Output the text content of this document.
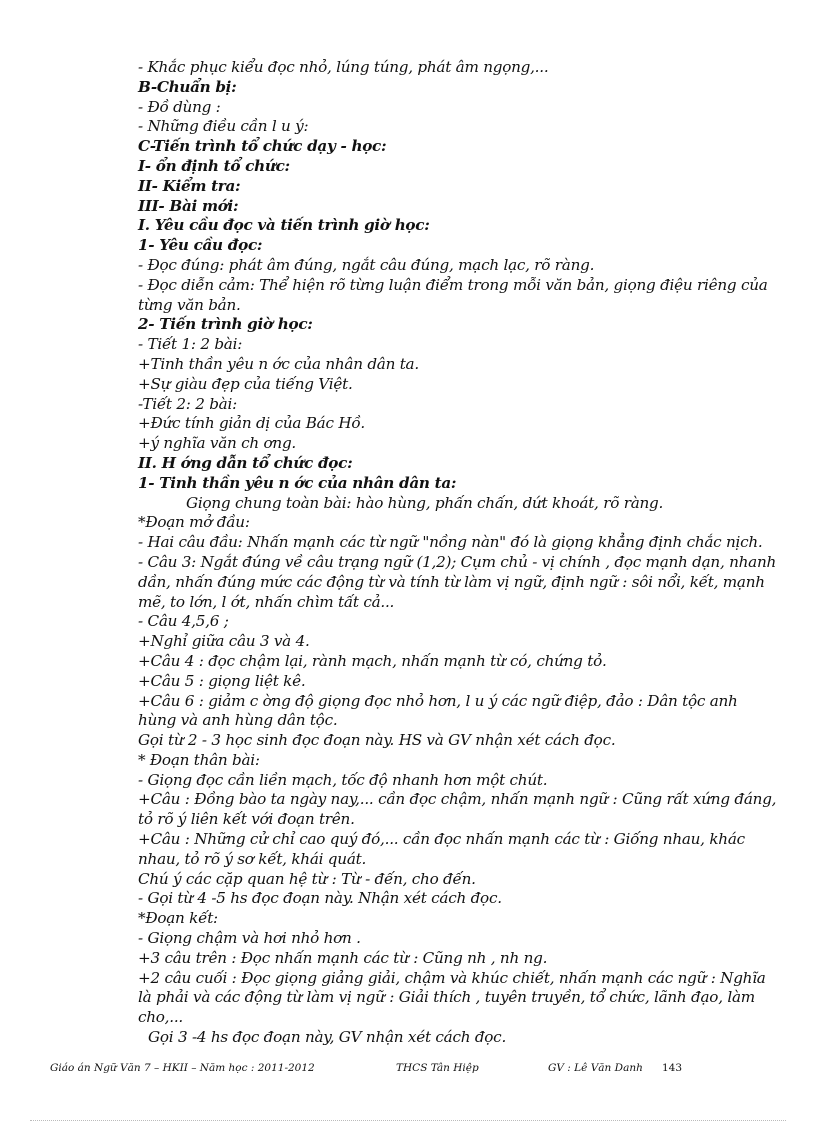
- Khắc phục kiểu đọc nhỏ, lúng túng, phát âm ngọng,...
B-Chuẩn bị:
- Đồ dùng :
- Những điều cần l u ý:
C-Tiến trình tổ chức dạy - học:
I- ổn định tổ chức:
II- Kiểm tra:
III- Bài mới:
I. Yêu cầu đọc và tiến trình giờ học:
1- Yêu cầu đọc:
- Đọc đúng: phát âm đúng, ngắt câu đúng, mạch lạc, rõ ràng.
- Đọc diễn cảm: Thể hiện rõ từng luận điểm trong mỗi văn bản, giọng điệu riêng của từng văn bản.
2- Tiến trình giờ học:
- Tiết 1: 2 bài:
+Tinh thần yêu n ớc của nhân dân ta.
+Sự giàu đẹp của tiếng Việt.
-Tiết 2: 2 bài:
+Đức tính giản dị của Bác Hồ.
+ý nghĩa văn ch ơng.
II. H ớng dẫn tổ chức đọc:
1- Tinh thần yêu n ớc của nhân dân ta:
Giọng chung toàn bài: hào hùng, phấn chấn, dứt khoát, rõ ràng.
*Đoạn mở đầu:
- Hai câu đầu: Nhấn mạnh các từ ngữ "nồng nàn" đó là giọng khẳng định chắc nịch.
- Câu 3: Ngắt đúng về câu trạng ngữ (1,2); Cụm chủ - vị chính , đọc mạnh dạn, nhanh dần, nhấn đúng mức các động từ và tính từ làm vị ngữ, định ngữ : sôi nổi, kết, mạnh mẽ, to lớn, l ớt, nhấn chìm tất cả...
- Câu 4,5,6 ;
+Nghỉ giữa câu 3 và 4.
+Câu 4 : đọc chậm lại, rành mạch, nhấn mạnh từ có, chứng tỏ.
+Câu 5 : giọng liệt kê.
+Câu 6 : giảm c ờng độ giọng đọc nhỏ hơn, l u ý các ngữ điệp, đảo : Dân tộc anh hùng và anh hùng dân tộc.
Gọi từ 2 - 3 học sinh đọc đoạn này. HS và GV nhận xét cách đọc.
* Đoạn thân bài:
- Giọng đọc cần liền mạch, tốc độ nhanh hơn một chút.
+Câu : Đồng bào ta ngày nay,... cần đọc chậm, nhấn mạnh ngữ : Cũng rất xứng đáng, tỏ rõ ý liên kết với đoạn trên.
+Câu : Những cử chỉ cao quý đó,... cần đọc nhấn mạnh các từ : Giống nhau, khác nhau, tỏ rõ ý sơ kết, khái quát.
Chú ý các cặp quan hệ từ : Từ - đến, cho đến.
- Gọi từ 4 -5 hs đọc đoạn này. Nhận xét cách đọc.
*Đoạn kết:
- Giọng chậm và hơi nhỏ hơn .
+3 câu trên : Đọc nhấn mạnh các từ : Cũng nh , nh ng.
+2 câu cuối : Đọc giọng giảng giải, chậm và khúc chiết, nhấn mạnh các ngữ : Nghĩa là phải và các động từ làm vị ngữ : Giải thích , tuyên truyền, tổ chức, lãnh đạo, làm cho,...
Gọi 3 -4 hs đọc đoạn này, GV nhận xét cách đọc.
Giáo án Ngữ Văn 7 – HKII – Năm học : 2011-2012	THCS Tân Hiệp	GV : Lê Văn Danh 143
